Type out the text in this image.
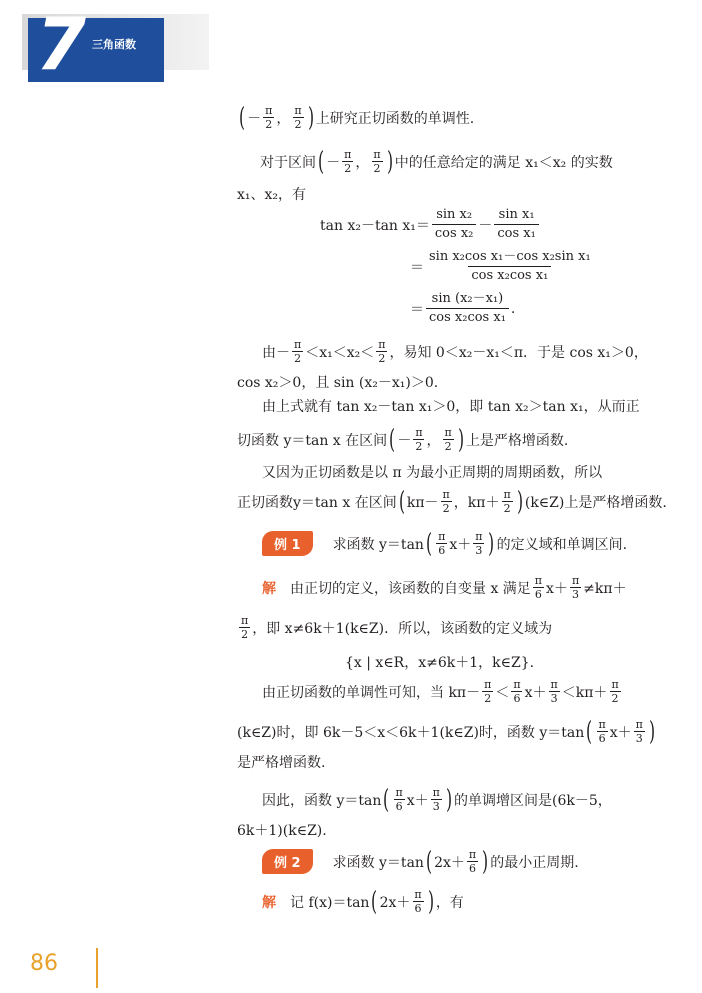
7 三角函数
( － $\frac{\pi}{2}$ ， $\frac{\pi}{2}$ ) 上研究正切函数的单调性.
对于区间 ( － $\frac{\pi}{2}$ ， $\frac{\pi}{2}$ ) 中的任意给定的满足 x₁＜x₂ 的实数
x₁、x₂，有
tan x₂－tan $x_1= \frac{\text{sin x₂}}{\text{cos x₂}} - \frac{\text{sin x₁}}{\text{cos x₁}}$
＝ $\frac{\text{sin x₂cos x₁－cos x₂sin x₁}}{\text{cos x₂cos x₁}}$
＝ $\frac{\text{sin (x₂－x₁)}}{\text{cos x₂cos x₁}}$ .
由－ $\frac{\pi}{2} <x_1<x_2< \frac{\pi}{2}$ ，易知 0＜x₂－x₁＜π．于是 cos x₁＞0，
cos x₂＞0，且 sin (x₂－x₁)＞0.
由上式就有 tan x₂－tan x₁＞0，即 tan x₂＞tan x₁，从而正
切函数 y＝tan x 在区间 ( － $\frac{\pi}{2}$ ， $\frac{\pi}{2}$ ) 上是严格增函数.
又因为正切函数是以 π 为最小正周期的周期函数，所以
正切函数y＝tan x 在区间 ( $k\pi- \frac{\pi}{2}$ ， $k\pi+ \frac{\pi}{2}$ ) (k∈Z)上是严格增函数.
例 1	求函数 y＝tan ( $\frac{\pi}{6} x+ \frac{\pi}{3}$ ) 的定义域和单调区间.
解 由正切的定义，该函数的自变量 x 满足 $\frac{\pi}{6} x+ \frac{\pi}{3} \ne k\pi+$
$\frac{\pi}{2}$ ，即 x≠6k＋1(k∈Z)．所以，该函数的定义域为
{x | x∈R，x≠6k＋1，k∈Z}.
由正切函数的单调性可知，当 $k\pi- \frac{\pi}{2} < \frac{\pi}{6} x+ \frac{\pi}{3} <k\pi+ \frac{\pi}{2}$
(k∈Z)时，即 6k－5＜x＜6k＋1(k∈Z)时，函数 y＝tan ( $\frac{\pi}{6} x+ \frac{\pi}{3}$ )
是严格增函数.
因此，函数 y＝tan ( $\frac{\pi}{6} x+ \frac{\pi}{3}$ ) 的单调增区间是(6k－5，
6k＋1)(k∈Z).
例 2	求函数 y＝tan ( $2x+ \frac{\pi}{6}$ ) 的最小正周期.
解 记 f(x)＝tan ( $2x+ \frac{\pi}{6}$ ) ，有
86
